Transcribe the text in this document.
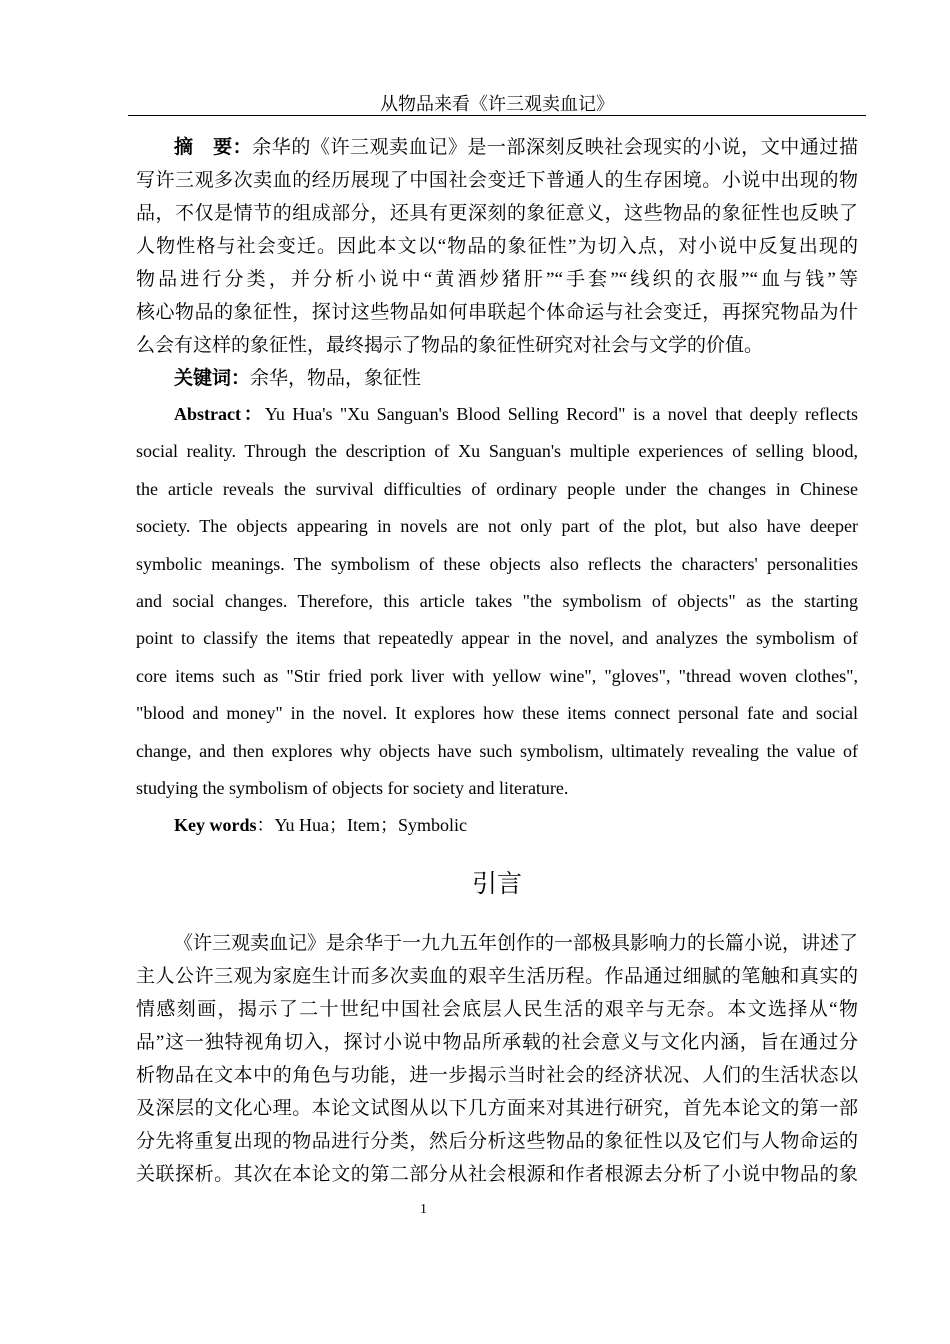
从物品来看《许三观卖血记》
摘　要：余华的《许三观卖血记》是一部深刻反映社会现实的小说，文中通过描
写许三观多次卖血的经历展现了中国社会变迁下普通人的生存困境。小说中出现的物
品，不仅是情节的组成部分，还具有更深刻的象征意义，这些物品的象征性也反映了
人物性格与社会变迁。因此本文以“物品的象征性”为切入点，对小说中反复出现的
物品进行分类，并分析小说中“黄酒炒猪肝”“手套”“线织的衣服”“血与钱”等
核心物品的象征性，探讨这些物品如何串联起个体命运与社会变迁，再探究物品为什
么会有这样的象征性，最终揭示了物品的象征性研究对社会与文学的价值。
关键词：余华，物品，象征性
Abstract：Yu Hua's "Xu Sanguan's Blood Selling Record" is a novel that deeply reflects
social reality. Through the description of Xu Sanguan's multiple experiences of selling blood,
the article reveals the survival difficulties of ordinary people under the changes in Chinese
society. The objects appearing in novels are not only part of the plot, but also have deeper
symbolic meanings. The symbolism of these objects also reflects the characters' personalities
and social changes. Therefore, this article takes "the symbolism of objects" as the starting
point to classify the items that repeatedly appear in the novel, and analyzes the symbolism of
core items such as "Stir fried pork liver with yellow wine", "gloves", "thread woven clothes",
"blood and money" in the novel. It explores how these items connect personal fate and social
change, and then explores why objects have such symbolism, ultimately revealing the value of
studying the symbolism of objects for society and literature.
Key words：Yu Hua；Item；Symbolic
引言
《许三观卖血记》是余华于一九九五年创作的一部极具影响力的长篇小说，讲述了
主人公许三观为家庭生计而多次卖血的艰辛生活历程。作品通过细腻的笔触和真实的
情感刻画，揭示了二十世纪中国社会底层人民生活的艰辛与无奈。本文选择从“物
品”这一独特视角切入，探讨小说中物品所承载的社会意义与文化内涵，旨在通过分
析物品在文本中的角色与功能，进一步揭示当时社会的经济状况、人们的生活状态以
及深层的文化心理。本论文试图从以下几方面来对其进行研究，首先本论文的第一部
分先将重复出现的物品进行分类，然后分析这些物品的象征性以及它们与人物命运的
关联探析。其次在本论文的第二部分从社会根源和作者根源去分析了小说中物品的象
1
